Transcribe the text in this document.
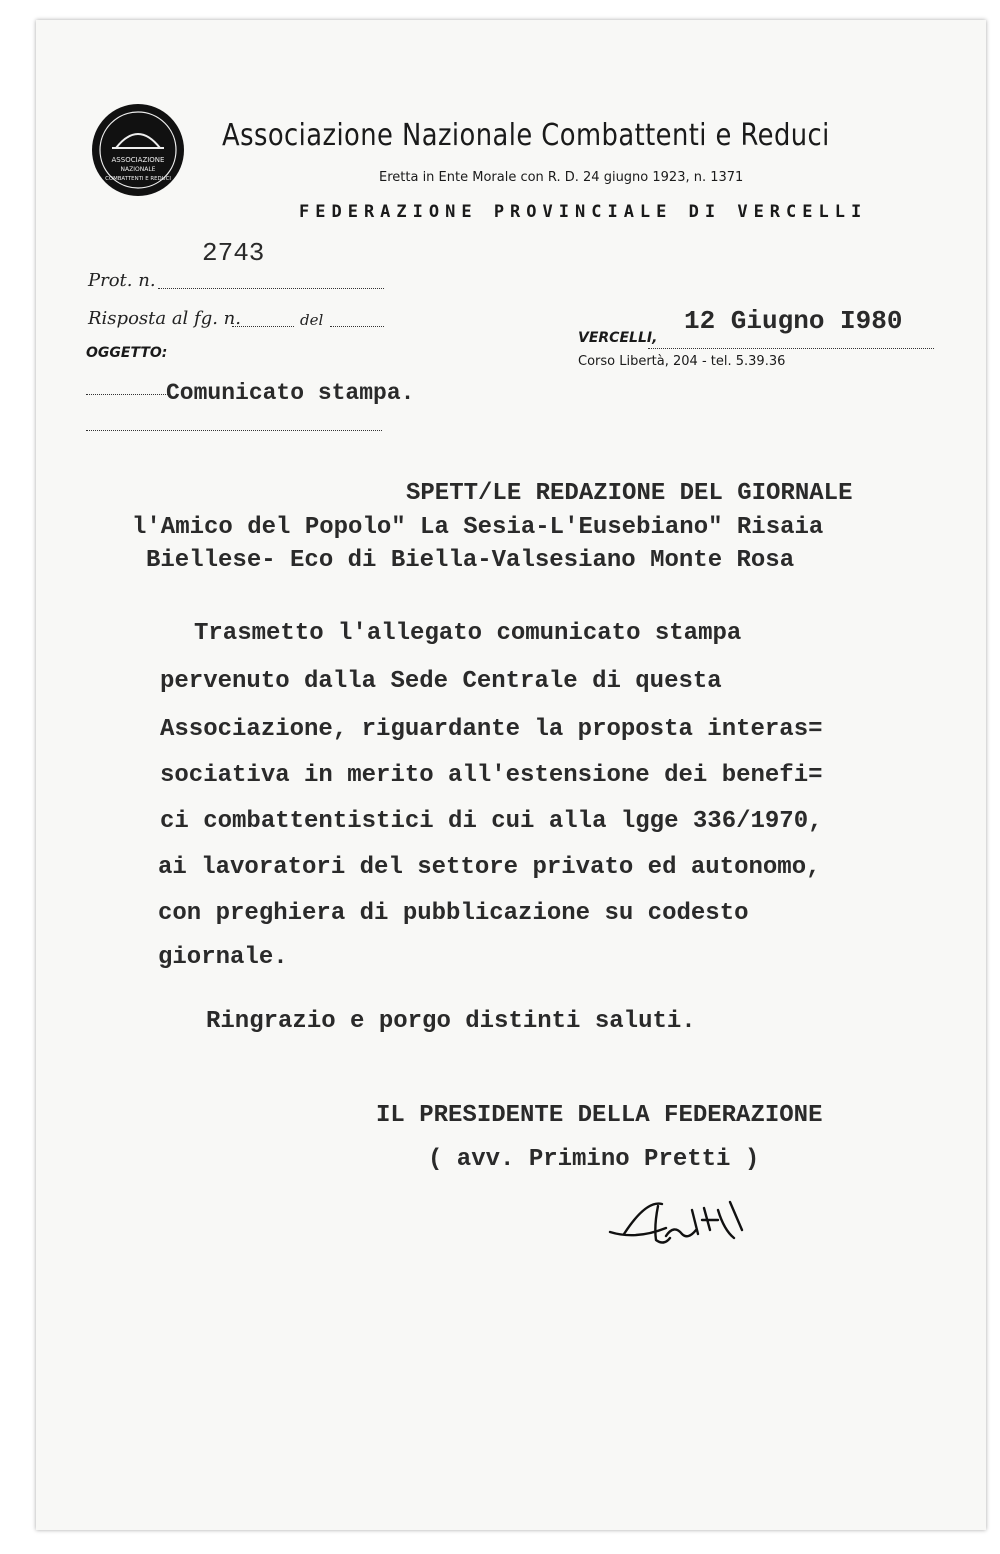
ASSOCIAZIONE
NAZIONALE
COMBATTENTI E REDUCI
Associazione Nazionale Combattenti e Reduci
Eretta in Ente Morale con R. D. 24 giugno 1923, n. 1371
FEDERAZIONE PROVINCIALE DI VERCELLI
2743
Prot. n.
Risposta al fg. n.	del
OGGETTO:
Comunicato stampa.
12 Giugno I980
VERCELLI,
Corso Libertà, 204 - tel. 5.39.36
SPETT/LE REDAZIONE DEL GIORNALE
l'Amico del Popolo" La Sesia-L'Eusebiano" Risaia
Biellese- Eco di Biella-Valsesiano Monte Rosa
Trasmetto l'allegato comunicato stampa
pervenuto dalla Sede Centrale di questa
Associazione, riguardante la proposta interas=
sociativa in merito all'estensione dei benefi=
ci combattentistici di cui alla lgge 336/1970,
ai lavoratori del settore privato ed autonomo,
con preghiera di pubblicazione su codesto
giornale.
Ringrazio e porgo distinti saluti.
IL PRESIDENTE DELLA FEDERAZIONE
( avv. Primino Pretti )
